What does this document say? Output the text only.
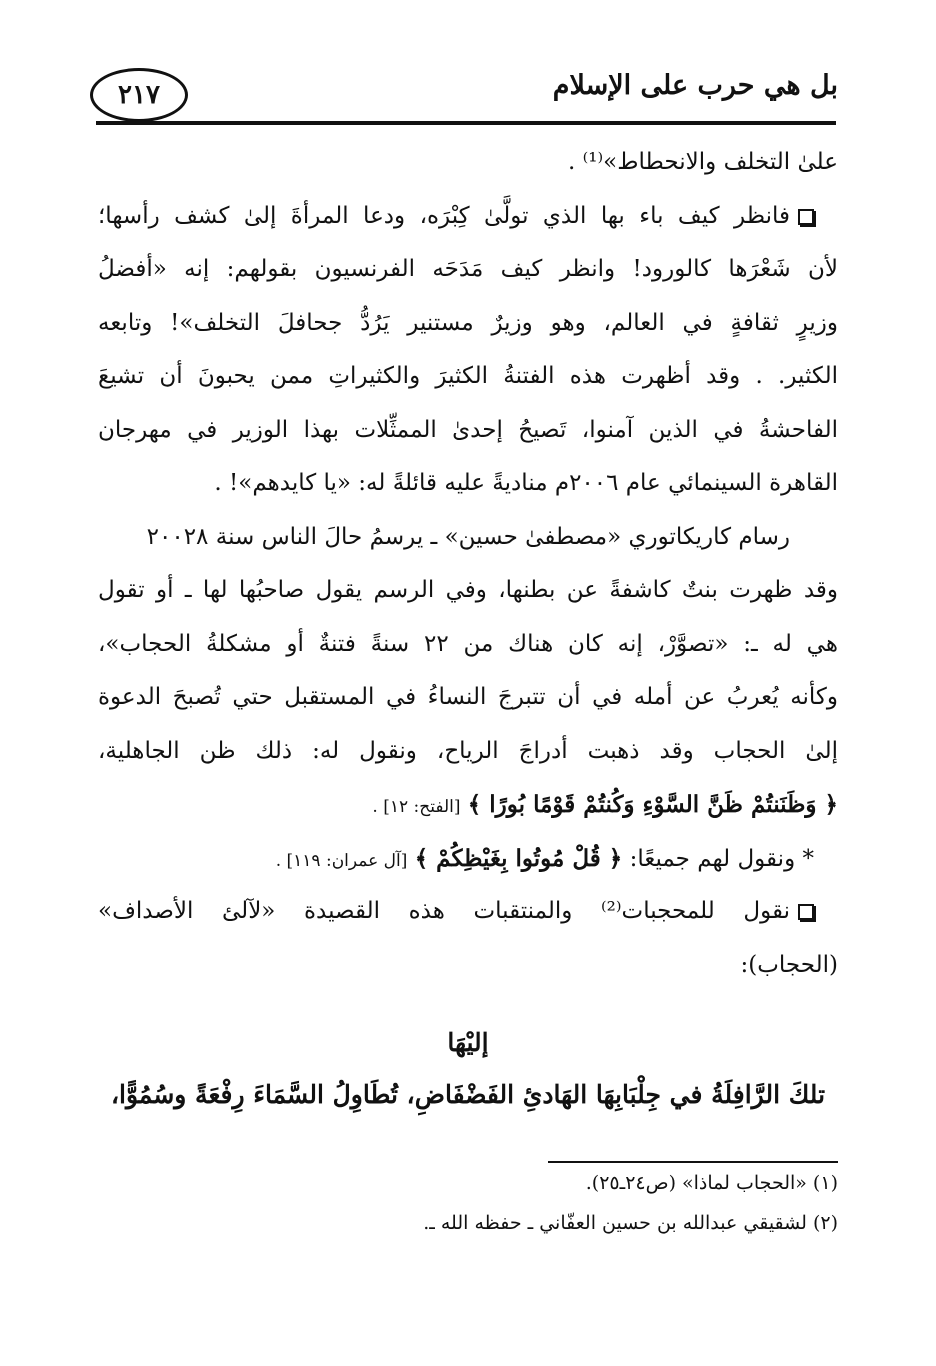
بل هي حرب على الإسلام
٢١٧
علىٰ التخلف والانحطاط»⁽¹⁾ .
فانظر كيف باء بها الذي تولَّىٰ كِبْرَه، ودعا المرأةَ إلىٰ كشف رأسها؛
لأن شَعْرَها كالورود! وانظر كيف مَدَحَه الفرنسيون بقولهم: إنه «أفضلُ
وزيرٍ ثقافةٍ في العالم، وهو وزيرٌ مستنير يَرُدُّ جحافلَ التخلف»! وتابعه
الكثير. . وقد أظهرت هذه الفتنةُ الكثيرَ والكثيراتِ ممن يحبونَ أن تشيعَ
الفاحشةُ في الذين آمنوا، تَصيحُ إحدىٰ الممثِّلات بهذا الوزير في مهرجان
القاهرة السينمائي عام ٢٠٠٦م مناديةً عليه قائلةً له: «يا كايدهم»! .
رسام كاريكاتوري «مصطفىٰ حسين» ـ يرسمُ حالَ الناس سنة ٢٠٠٢٨
وقد ظهرت بنتٌ كاشفةً عن بطنها، وفي الرسم يقول صاحبُها لها ـ أو تقول
هي له ـ: «تصوَّرْ، إنه كان هناك من ٢٢ سنةً فتنةٌ أو مشكلةُ الحجاب»،
وكأنه يُعربُ عن أمله في أن تتبرجَ النساءُ في المستقبل حتي تُصبحَ الدعوة
إلىٰ الحجاب وقد ذهبت أدراجَ الرياح، ونقول له: ذلك ظن الجاهلية،
﴿ وَظَنَنتُمْ ظَنَّ السَّوْءِ وَكُنتُمْ قَوْمًا بُورًا ﴾ [الفتح: ١٢] .
* ونقول لهم جميعًا: ﴿ قُلْ مُوتُوا بِغَيْظِكُمْ ﴾ [آل عمران: ١١٩] .
نقول للمحجبات⁽²⁾ والمنتقبات هذه القصيدة «لآلئ الأصداف»
(الحجاب):
إليْهَا
تلكَ الرَّافِلَةُ في جِلْبَابِهَا الهَادئِ الفَضْفَاضِ، تُطَاوِلُ السَّمَاءَ رِفْعَةً وسُمُوًّا،
(١) «الحجاب لماذا» (ص٢٤ـ٢٥).
(٢) لشقيقي عبدالله بن حسين العفّاني ـ حفظه الله ـ.
